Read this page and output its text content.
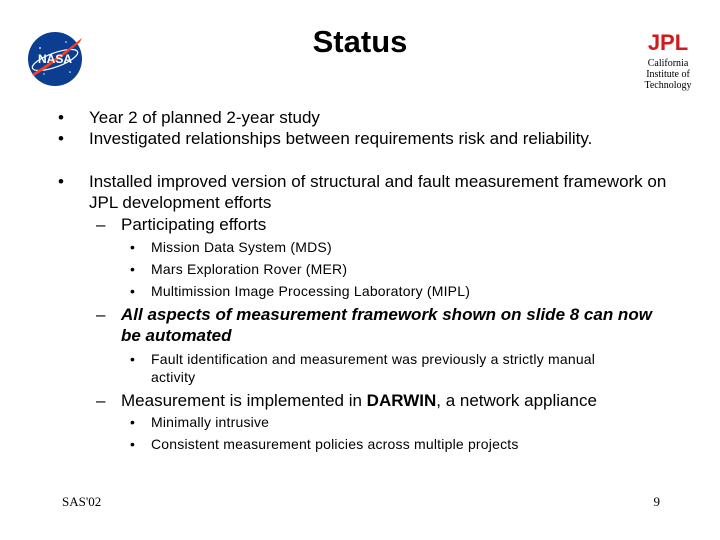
Status
NASA
JPL
California
Institute of
Technology
• Year 2 of planned 2-year study
• Investigated relationships between requirements risk and reliability.
• Installed improved version of structural and fault measurement framework on JPL development efforts
– Participating efforts
• Mission Data System (MDS)
• Mars Exploration Rover (MER)
• Multimission Image Processing Laboratory (MIPL)
– All aspects of measurement framework shown on slide 8 can now be automated
• Fault identification and measurement was previously a strictly manual activity
– Measurement is implemented in DARWIN, a network appliance
• Minimally intrusive
• Consistent measurement policies across multiple projects
SAS'02	9
